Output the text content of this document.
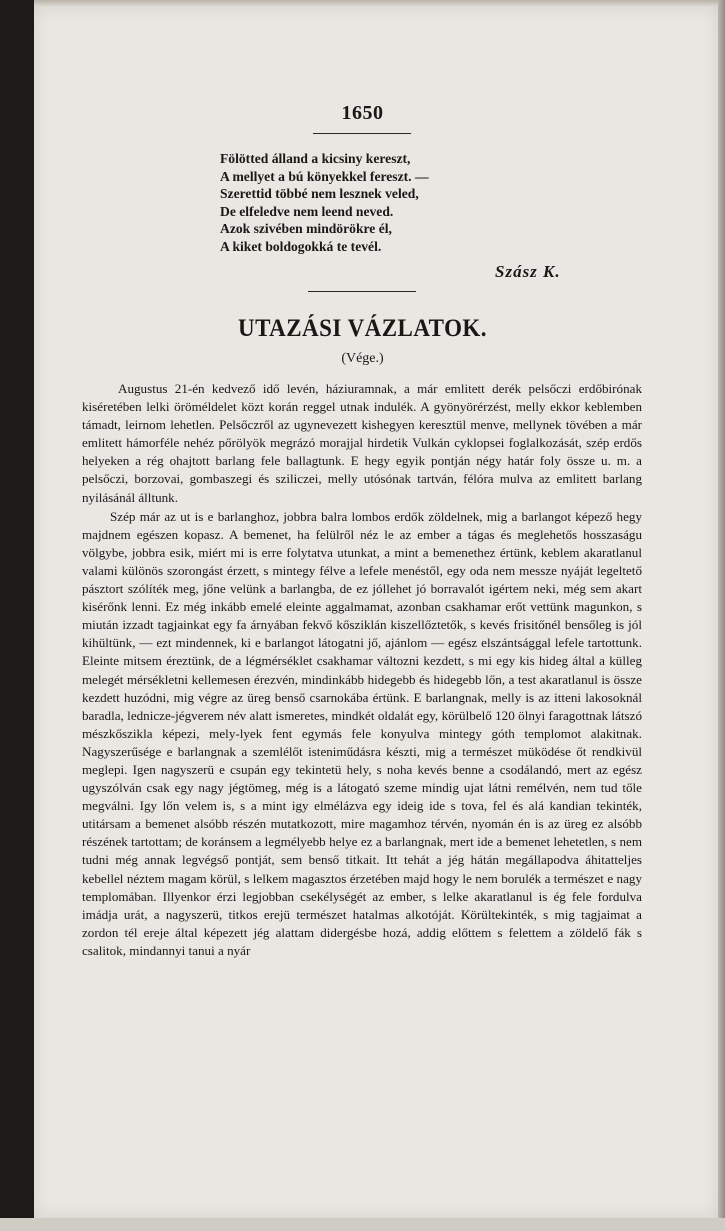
1650
Fölötted álland a kicsiny kereszt,
A mellyet a bú könyekkel fereszt. —
Szerettid többé nem lesznek veled,
De elfeledve nem leend neved.
Azok szivében mindörökre él,
A kiket boldogokká te tevél.
Szász K.
UTAZÁSI VÁZLATOK.
(Vége.)

Augustus 21-én kedvező idő levén, háziuramnak, a már emlitett derék pelsőczi erdőbirónak kiséretében lelki öröméldelet közt korán reggel utnak indulék. A gyönyörérzést, melly ekkor keblemben támadt, leirnom lehetlen. Pelsőczről az ugynevezett kishegyen keresztül menve, mellynek tövében a már emlitett hámorféle nehéz pőrölyök megrázó morajjal hirdetik Vulkán cyklopsei foglalkozását, szép erdős helyeken a rég ohajtott barlang fele ballagtunk. E hegy egyik pontján négy határ foly össze u. m. a pelsőczi, borzovai, gombaszegi és sziliczei, melly utósónak tartván, félóra mulva az emlitett barlang nyilásánál álltunk.

Szép már az ut is e barlanghoz, jobbra balra lombos erdők zöldelnek, mig a barlangot képező hegy majdnem egészen kopasz. A bemenet, ha felülről néz le az ember a tágas és meglehetős hosszaságu völgybe, jobbra esik, miért mi is erre folytatva utunkat, a mint a bemenethez értünk, keblem akaratlanul valami különös szorongást érzett, s mintegy félve a lefele menéstől, egy oda nem messze nyáját legeltető pásztort szólíték meg, jőne velünk a barlangba, de ez jóllehet jó borravalót igértem neki, még sem akart kisérőnk lenni. Ez még inkább emelé eleinte aggalmamat, azonban csakhamar erőt vettünk magunkon, s miután izzadt tagjainkat egy fa árnyában fekvő kősziklán kiszellőztetők, s kevés frisitőnél bensőleg is jól kihültünk, — ezt mindennek, ki e barlangot látogatni jő, ajánlom — egész elszántsággal lefele tartottunk. Eleinte mitsem éreztünk, de a légmérséklet csakhamar változni kezdett, s mi egy kis hideg által a külleg melegét mérsékletni kellemesen érezvén, mindinkább hidegebb és hidegebb lőn, a test akaratlanul is össze kezdett huzódni, mig végre az üreg benső csarnokába értünk. E barlangnak, melly is az itteni lakosoknál baradla, lednicze-jégverem név alatt ismeretes, mindkét oldalát egy, körülbelő 120 ölnyi faragottnak látszó mészkőszikla képezi, mely-lyek fent egymás fele konyulva mintegy góth templomot alakitnak. Nagyszerűsége e barlangnak a szemlélőt isteniműdásra készti, mig a természet müködése őt rendkivül meglepi. Igen nagyszerü e csupán egy tekintetü hely, s noha kevés benne a csodálandó, mert az egész ugyszólván csak egy nagy jégtömeg, még is a látogató szeme mindig ujat látni remélvén, nem tud tőle megválni. Igy lőn velem is, s a mint igy elmélázva egy ideig ide s tova, fel és alá kandian tekinték, utitársam a bemenet alsóbb részén mutatkozott, mire magamhoz térvén, nyomán én is az üreg ez alsóbb részének tartottam; de koránsem a legmélyebb helye ez a barlangnak, mert ide a bemenet lehetetlen, s nem tudni még annak legvégső pontját, sem benső titkait. Itt tehát a jég hátán megállapodva áhitatteljes kebellel néztem magam körül, s lelkem magasztos érzetében majd hogy le nem borulék a természet e nagy templomában. Illyenkor érzi legjobban csekélységét az ember, s lelke akaratlanul is ég fele fordulva imádja urát, a nagyszerü, titkos erejü természet hatalmas alkotóját. Körültekinték, s mig tagjaimat a zordon tél ereje által képezett jég alattam didergésbe hozá, addig előttem s felettem a zöldelő fák s csalitok, mindannyi tanui a nyár
